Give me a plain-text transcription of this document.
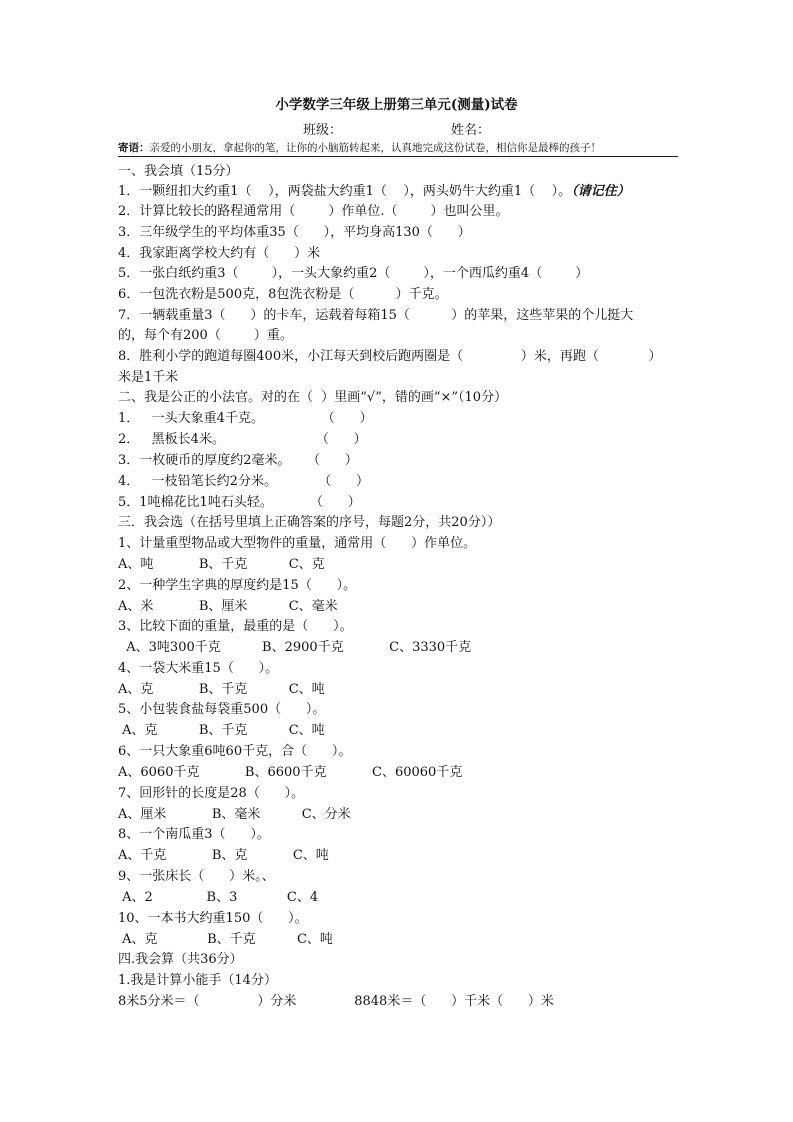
小学数学三年级上册第三单元(测量)试卷
班级：	姓名：
寄语：亲爱的小朋友，拿起你的笔，让你的小脑筋转起来，认真地完成这份试卷，相信你是最棒的孩子！
一、我会填（15分）
1．一颗纽扣大约重1（    ），两袋盐大约重1（    ），两头奶牛大约重1（    ）。（请记住）
2．计算比较长的路程通常用（        ）作单位.（        ）也叫公里。
3．三年级学生的平均体重35（      ），平均身高130（      ）
4．我家距离学校大约有（      ）米
5．一张白纸约重3（        ），一头大象约重2（        ），一个西瓜约重4（        ）
6．一包洗衣粉是500克，8包洗衣粉是（          ）千克。
7．一辆载重量3（      ）的卡车，运载着每箱15（          ）的苹果，这些苹果的个儿挺大
的，每个有200（        ）重。
8．胜利小学的跑道每圈400米，小江每天到校后跑两圈是（              ）米，再跑（            ）
米是1千米
二、我是公正的小法官。对的在（  ）里画“√”，错的画“×”（10分）
1．   一头大象重4千克。              （      ）
2．   黑板长4米。                      （      ）
3．一枚硬币的厚度约2毫米。    （      ）
4．   一枝铅笔长约2分米。          （      ）
5．1吨棉花比1吨石头轻。         （      ）
三．我会选（在括号里填上正确答案的序号，每题2分，共20分））
1、计量重型物品或大型物件的重量，通常用（      ）作单位。
A、吨           B、千克          C、克
2、一种学生字典的厚度约是15（      ）。
A、米           B、厘米          C、毫米
3、比较下面的重量，最重的是（      ）。
A、3吨300千克          B、2900千克           C、3330千克
4、一袋大米重15（      ）。
A、克           B、千克          C、吨
5、小包装食盐每袋重500（      ）。
A、克          B、千克          C、吨
6、一只大象重6吨60千克，合（      ）。
A、6060千克           B、6600千克           C、60060千克
7、回形针的长度是28（      ）。
A、厘米           B、毫米          C、分米
8、一个南瓜重3（      ）。
A、千克           B、克           C、吨
9、一张床长（      ）米。、
A、2             B、3            C、4
10、一本书大约重150（      ）。
A、克            B、千克          C、吨
四.我会算（共36分）
1.我是计算小能手（14分）
8米5分米＝（              ）分米              8848米＝（      ）千米（      ）米
